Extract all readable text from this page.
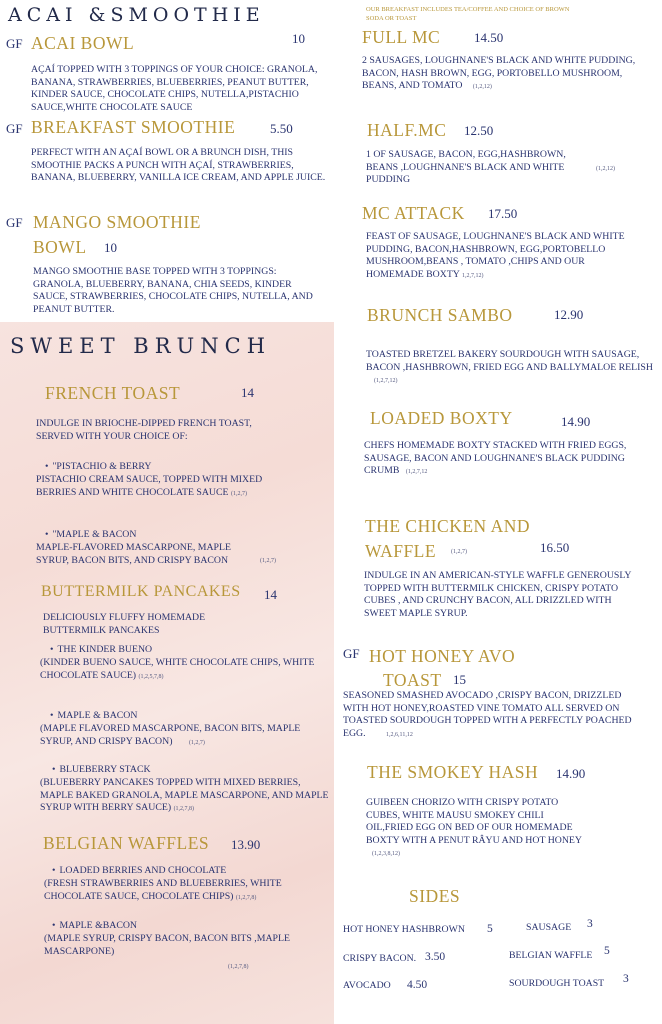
ACAI &SMOOTHIE
GF ACAI BOWL	10
AÇAÍ TOPPED WITH 3 TOPPINGS OF YOUR CHOICE: GRANOLA, BANANA, STRAWBERRIES, BLUEBERRIES, PEANUT BUTTER, KINDER SAUCE, CHOCOLATE CHIPS, NUTELLA,PISTACHIO SAUCE,WHITE CHOCOLATE SAUCE
GF BREAKFAST SMOOTHIE	5.50
PERFECT WITH AN AÇAÍ BOWL OR A BRUNCH DISH, THIS SMOOTHIE PACKS A PUNCH WITH AÇAÍ, STRAWBERRIES, BANANA, BLUEBERRY, VANILLA ICE CREAM, AND APPLE JUICE.
GF MANGO SMOOTHIE
BOWL 10
MANGO SMOOTHIE BASE TOPPED WITH 3 TOPPINGS: GRANOLA, BLUEBERRY, BANANA, CHIA SEEDS, KINDER SAUCE, STRAWBERRIES, CHOCOLATE CHIPS, NUTELLA, AND PEANUT BUTTER.
SWEET BRUNCH
FRENCH TOAST	14
INDULGE IN BRIOCHE-DIPPED FRENCH TOAST, SERVED WITH YOUR CHOICE OF:
• "PISTACHIO & BERRY
PISTACHIO CREAM SAUCE, TOPPED WITH MIXED BERRIES AND WHITE CHOCOLATE SAUCE (1,2,7)
• "MAPLE & BACON
MAPLE-FLAVORED MASCARPONE, MAPLE SYRUP, BACON BITS, AND CRISPY BACON	(1,2,7)
BUTTERMILK PANCAKES 14
DELICIOUSLY FLUFFY HOMEMADE BUTTERMILK PANCAKES
• THE KINDER BUENO
(KINDER BUENO SAUCE, WHITE CHOCOLATE CHIPS, WHITE CHOCOLATE SAUCE) (1,2,5,7,8)
• MAPLE & BACON
(MAPLE FLAVORED MASCARPONE, BACON BITS, MAPLE SYRUP, AND CRISPY BACON)	(1,2,7)
• BLUEBERRY STACK
(BLUEBERRY PANCAKES TOPPED WITH MIXED BERRIES, MAPLE BAKED GRANOLA, MAPLE MASCARPONE, AND MAPLE SYRUP WITH BERRY SAUCE) (1,2,7,8)
BELGIAN WAFFLES 13.90
• LOADED BERRIES AND CHOCOLATE
(FRESH STRAWBERRIES AND BLUEBERRIES, WHITE CHOCOLATE SAUCE, CHOCOLATE CHIPS) (1,2,7,8)
• MAPLE &BACON
(MAPLE SYRUP, CRISPY BACON, BACON BITS ,MAPLE MASCARPONE)
(1,2,7,8)
OUR BREAKFAST INCLUDES TEA/COFFEE AND CHOICE OF BROWN SODA OR TOAST
FULL MC	14.50
2 SAUSAGES, LOUGHNANE'S BLACK AND WHITE PUDDING, BACON, HASH BROWN, EGG, PORTOBELLO MUSHROOM, BEANS, AND TOMATO (1,2,12)
HALF.MC 12.50
1 OF SAUSAGE, BACON, EGG,HASHBROWN, BEANS ,LOUGHNANE'S BLACK AND WHITE PUDDING
(1,2,12)
MC ATTACK 17.50
FEAST OF SAUSAGE, LOUGHNANE'S BLACK AND WHITE PUDDING, BACON,HASHBROWN, EGG,PORTOBELLO MUSHROOM,BEANS , TOMATO ,CHIPS AND OUR HOMEMADE BOXTY 1,2,7,12)
BRUNCH SAMBO	12.90
TOASTED BRETZEL BAKERY SOURDOUGH WITH SAUSAGE, BACON ,HASHBROWN, FRIED EGG AND BALLYMALOE RELISH (1,2,7,12)
LOADED BOXTY	14.90
CHEFS HOMEMADE BOXTY STACKED WITH FRIED EGGS, SAUSAGE, BACON AND LOUGHNANE'S BLACK PUDDING CRUMB (1,2,7,12
THE CHICKEN AND
WAFFLE (1,2,7)	16.50
INDULGE IN AN AMERICAN-STYLE WAFFLE GENEROUSLY TOPPED WITH BUTTERMILK CHICKEN, CRISPY POTATO CUBES , AND CRUNCHY BACON, ALL DRIZZLED WITH SWEET MAPLE SYRUP.
GF HOT HONEY AVO
TOAST 15
SEASONED SMASHED AVOCADO ,CRISPY BACON, DRIZZLED WITH HOT HONEY,ROASTED VINE TOMATO ALL SERVED ON TOASTED SOURDOUGH TOPPED WITH A PERFECTLY POACHED EGG.	1,2,6,11,12
THE SMOKEY HASH 14.90
GUIBEEN CHORIZO WITH CRISPY POTATO CUBES, WHITE MAUSU SMOKEY CHILI OIL,FRIED EGG ON BED OF OUR HOMEMADE BOXTY WITH A PENUT RÂYU AND HOT HONEY (1,2,3,8,12)
SIDES
HOT HONEY HASHBROWN 5	SAUSAGE 3
CRISPY BACON. 3.50	BELGIAN WAFFLE 5
AVOCADO 4.50	SOURDOUGH TOAST 3
